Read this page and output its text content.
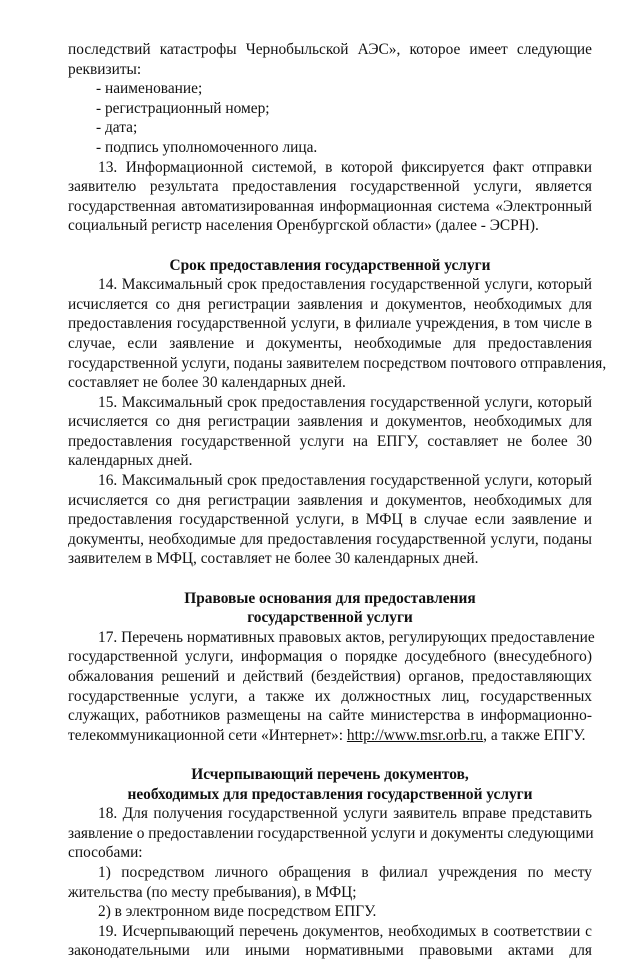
последствий катастрофы Чернобыльской АЭС», которое имеет следующие
реквизиты:
- наименование;
- регистрационный номер;
- дата;
- подпись уполномоченного лица.
13. Информационной системой, в которой фиксируется факт отправки
заявителю результата предоставления государственной услуги, является
государственная автоматизированная информационная система «Электронный
социальный регистр населения Оренбургской области» (далее - ЭСРН).
Срок предоставления государственной услуги
14. Максимальный срок предоставления государственной услуги, который
исчисляется со дня регистрации заявления и документов, необходимых для
предоставления государственной услуги, в филиале учреждения, в том числе в
случае, если заявление и документы, необходимые для предоставления
государственной услуги, поданы заявителем посредством почтового отправления,
составляет не более 30 календарных дней.
15. Максимальный срок предоставления государственной услуги, который
исчисляется со дня регистрации заявления и документов, необходимых для
предоставления государственной услуги на ЕПГУ, составляет не более 30
календарных дней.
16. Максимальный срок предоставления государственной услуги, который
исчисляется со дня регистрации заявления и документов, необходимых для
предоставления государственной услуги, в МФЦ в случае если заявление и
документы, необходимые для предоставления государственной услуги, поданы
заявителем в МФЦ, составляет не более 30 календарных дней.
Правовые основания для предоставления
государственной услуги
17. Перечень нормативных правовых актов, регулирующих предоставление
государственной услуги, информация о порядке досудебного (внесудебного)
обжалования решений и действий (бездействия) органов, предоставляющих
государственные услуги, а также их должностных лиц, государственных
служащих, работников размещены на сайте министерства в информационно-
телекоммуникационной сети «Интернет»: http://www.msr.orb.ru, а также ЕПГУ.
Исчерпывающий перечень документов,
необходимых для предоставления государственной услуги
18. Для получения государственной услуги заявитель вправе представить
заявление о предоставлении государственной услуги и документы следующими
способами:
1) посредством личного обращения в филиал учреждения по месту
жительства (по месту пребывания), в МФЦ;
2) в электронном виде посредством ЕПГУ.
19. Исчерпывающий перечень документов, необходимых в соответствии с
законодательными или иными нормативными правовыми актами для
